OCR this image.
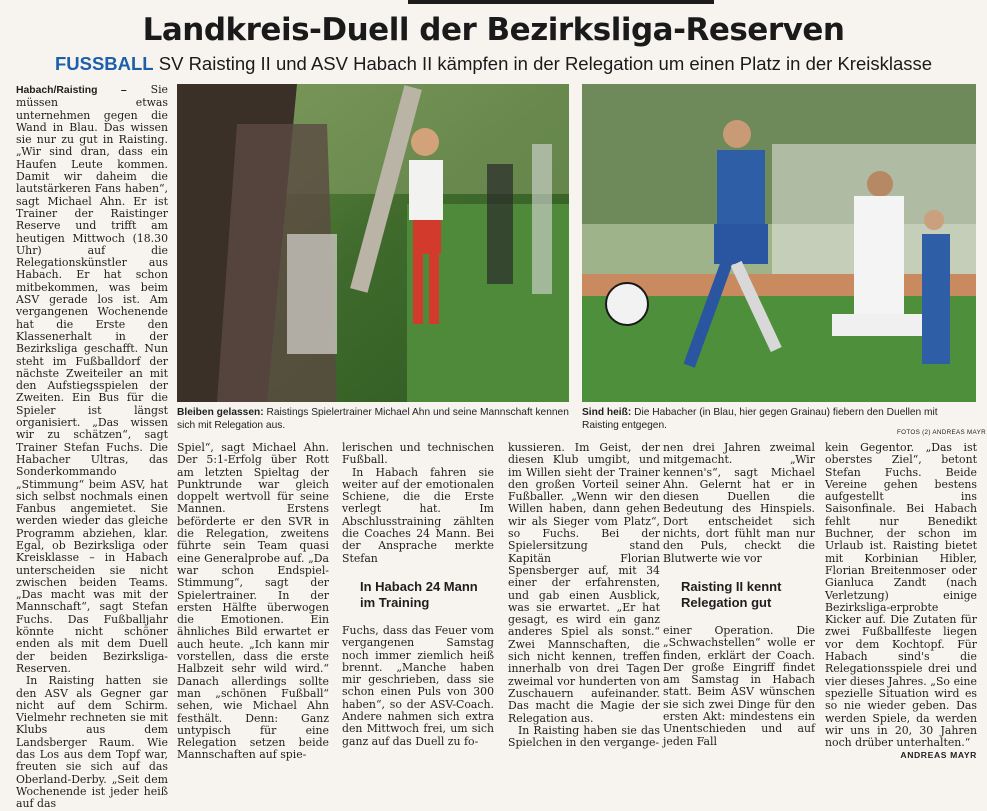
Landkreis-Duell der Bezirksliga-Reserven
FUSSBALL SV Raisting II und ASV Habach II kämpfen in der Relegation um einen Platz in der Kreisklasse

Habach/Raisting – Sie müssen etwas unternehmen gegen die Wand in Blau. Das wissen sie nur zu gut in Raisting. „Wir sind dran, dass ein Haufen Leute kommen. Damit wir daheim die lautstärkeren Fans haben“, sagt Michael Ahn. Er ist Trainer der Raistinger Reserve und trifft am heutigen Mittwoch (18.30 Uhr) auf die Relegationskünstler aus Habach. Er hat schon mitbekommen, was beim ASV gerade los ist. Am vergangenen Wochenende hat die Erste den Klassenerhalt in der Bezirksliga geschafft. Nun steht im Fußballdorf der nächste Zweiteiler an mit den Aufstiegsspielen der Zweiten. Ein Bus für die Spieler ist längst organisiert. „Das wissen wir zu schätzen“, sagt Trainer Stefan Fuchs. Die Habacher Ultras, das Sonderkommando „Stimmung“ beim ASV, hat sich selbst nochmals einen Fanbus angemietet. Sie werden wieder das gleiche Programm abziehen, klar. Egal, ob Bezirksliga oder Kreisklasse – in Habach unterscheiden sie nicht zwischen beiden Teams. „Das macht was mit der Mannschaft“, sagt Stefan Fuchs. Das Fußballjahr könnte nicht schöner enden als mit dem Duell der beiden Bezirksliga-Reserven.

In Raisting hatten sie den ASV als Gegner gar nicht auf dem Schirm. Vielmehr rechneten sie mit Klubs aus dem Landsberger Raum. Wie das Los aus dem Topf war, freuten sie sich auf das Oberland-Derby. „Seit dem Wochenende ist jeder heiß auf das

Bleiben gelassen: Raistings Spielertrainer Michael Ahn und seine Mannschaft kennen sich mit Relegation aus.
Sind heiß: Die Habacher (in Blau, hier gegen Grainau) fiebern den Duellen mit Raisting entgegen.
FOTOS (2) ANDREAS MAYR

Spiel“, sagt Michael Ahn. Der 5:1-Erfolg über Rott am letzten Spieltag der Punktrunde war gleich doppelt wertvoll für seine Mannen. Erstens beförderte er den SVR in die Relegation, zweitens führte sein Team quasi eine Generalprobe auf. „Da war schon Endspiel-Stimmung“, sagt der Spielertrainer. In der ersten Hälfte überwogen die Emotionen. Ein ähnliches Bild erwartet er auch heute. „Ich kann mir vorstellen, dass die erste Halbzeit sehr wild wird.“ Danach allerdings sollte man „schönen Fußball“ sehen, wie Michael Ahn festhält. Denn: Ganz untypisch für eine Relegation setzen beide Mannschaften auf spie-

lerischen und technischen Fußball.

In Habach fahren sie weiter auf der emotionalen Schiene, die die Erste verlegt hat. Im Abschlusstraining zählten die Coaches 24 Mann. Bei der Ansprache merkte Stefan

In Habach 24 Mann im Training

Fuchs, dass das Feuer vom vergangenen Samstag noch immer ziemlich heiß brennt. „Manche haben mir geschrieben, dass sie schon einen Puls von 300 haben“, so der ASV-Coach. Andere nahmen sich extra den Mittwoch frei, um sich ganz auf das Duell zu fo-

kussieren. Im Geist, der diesen Klub umgibt, und im Willen sieht der Trainer den großen Vorteil seiner Fußballer. „Wenn wir den Willen haben, dann gehen wir als Sieger vom Platz“, so Fuchs. Bei der Spielersitzung stand Kapitän Florian Spensberger auf, mit 34 einer der erfahrensten, und gab einen Ausblick, was sie erwartet. „Er hat gesagt, es wird ein ganz anderes Spiel als sonst.“ Zwei Mannschaften, die sich nicht kennen, treffen innerhalb von drei Tagen zweimal vor hunderten von Zuschauern aufeinander. Das macht die Magie der Relegation aus.

In Raisting haben sie das Spielchen in den vergange-

nen drei Jahren zweimal mitgemacht. „Wir kennen's“, sagt Michael Ahn. Gelernt hat er in diesen Duellen die Bedeutung des Hinspiels. Dort entscheidet sich nichts, dort fühlt man nur den Puls, checkt die Blutwerte wie vor

Raisting II kennt Relegation gut

einer Operation. Die „Schwachstellen“ wolle er finden, erklärt der Coach. Der große Eingriff findet am Samstag in Habach statt. Beim ASV wünschen sie sich zwei Dinge für den ersten Akt: mindestens ein Unentschieden und auf jeden Fall

kein Gegentor. „Das ist oberstes Ziel“, betont Stefan Fuchs. Beide Vereine gehen bestens aufgestellt ins Saisonfinale. Bei Habach fehlt nur Benedikt Buchner, der schon im Urlaub ist. Raisting bietet mit Korbinian Hibler, Florian Breitenmoser oder Gianluca Zandt (nach Verletzung) einige Bezirksliga-erprobte Kicker auf. Die Zutaten für zwei Fußballfeste liegen vor dem Kochtopf. Für Habach sind's die Relegationsspiele drei und vier dieses Jahres. „So eine spezielle Situation wird es so nie wieder geben. Das werden Spiele, da werden wir uns in 20, 30 Jahren noch drüber unterhalten.“

ANDREAS MAYR
